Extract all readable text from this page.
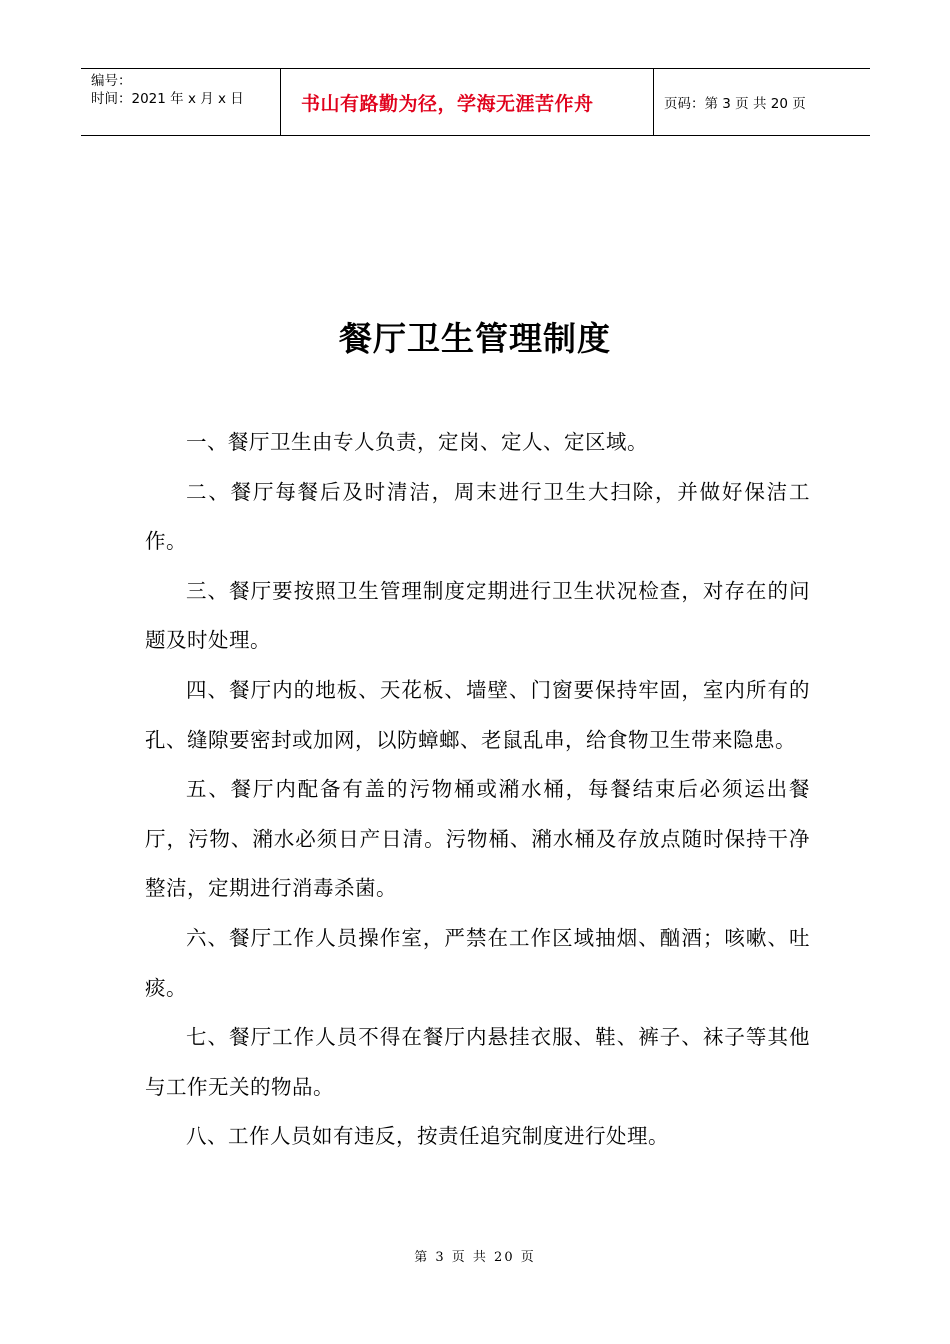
编号：
时间：2021 年 x 月 x 日	书山有路勤为径，学海无涯苦作舟	页码：第 3 页 共 20 页
餐厅卫生管理制度

一、餐厅卫生由专人负责，定岗、定人、定区域。

二、餐厅每餐后及时清洁，周末进行卫生大扫除，并做好保洁工作。

三、餐厅要按照卫生管理制度定期进行卫生状况检查，对存在的问题及时处理。

四、餐厅内的地板、天花板、墙壁、门窗要保持牢固，室内所有的孔、缝隙要密封或加网，以防蟑螂、老鼠乱串，给食物卫生带来隐患。

五、餐厅内配备有盖的污物桶或潲水桶，每餐结束后必须运出餐厅，污物、潲水必须日产日清。污物桶、潲水桶及存放点随时保持干净整洁，定期进行消毒杀菌。

六、餐厅工作人员操作室，严禁在工作区域抽烟、酗酒；咳嗽、吐痰。

七、餐厅工作人员不得在餐厅内悬挂衣服、鞋、裤子、袜子等其他与工作无关的物品。

八、工作人员如有违反，按责任追究制度进行处理。

第 3 页 共 20 页
